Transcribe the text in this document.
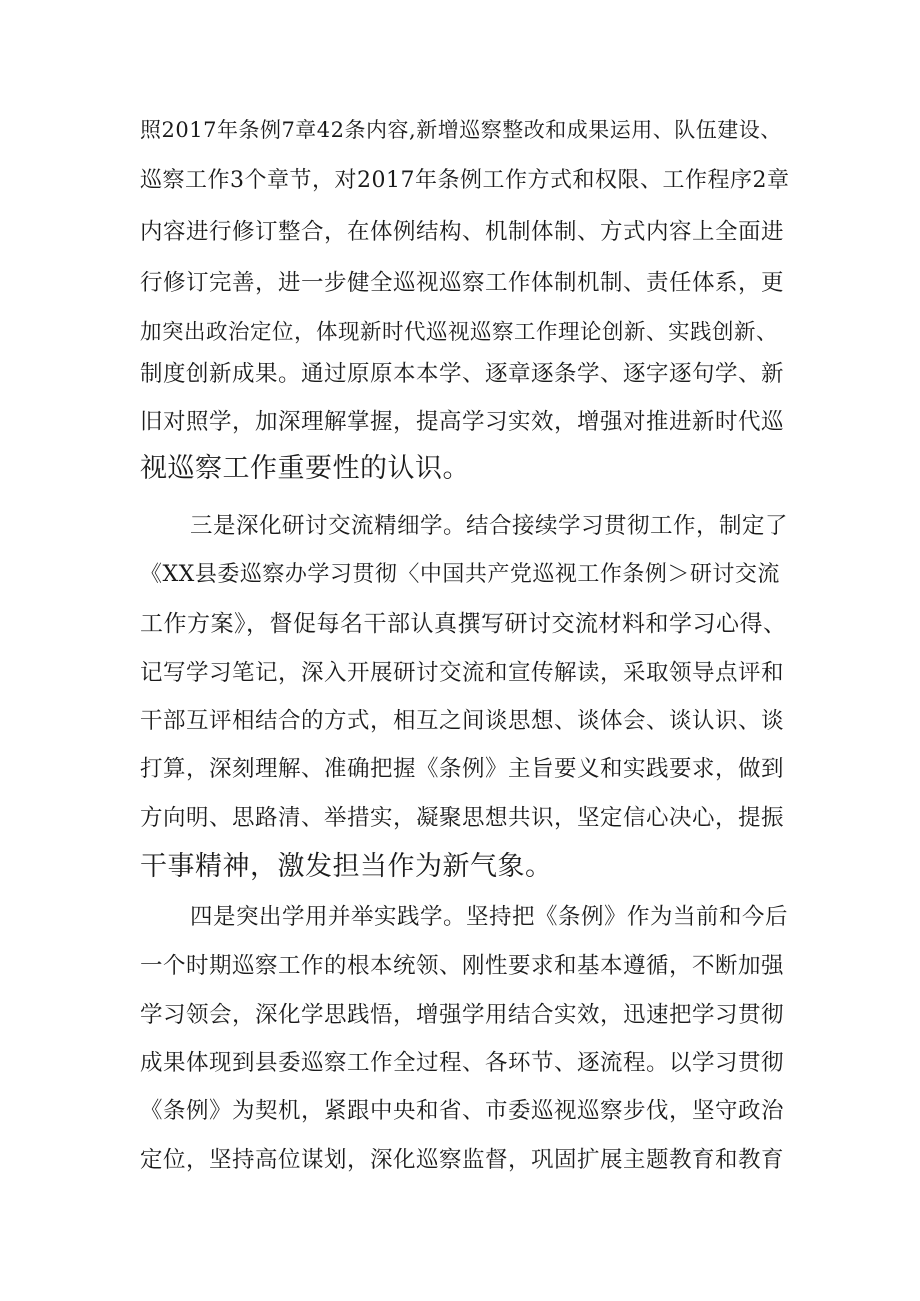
照2017年条例7章42条内容,新增巡察整改和成果运用、队伍建设、
巡察工作3个章节，对2017年条例工作方式和权限、工作程序2章
内容进行修订整合，在体例结构、机制体制、方式内容上全面进
行修订完善，进一步健全巡视巡察工作体制机制、责任体系，更
加突出政治定位，体现新时代巡视巡察工作理论创新、实践创新、
制度创新成果。通过原原本本学、逐章逐条学、逐字逐句学、新
旧对照学，加深理解掌握，提高学习实效，增强对推进新时代巡
视巡察工作重要性的认识。
三是深化研讨交流精细学。结合接续学习贯彻工作，制定了
《XX县委巡察办学习贯彻〈中国共产党巡视工作条例＞研讨交流
工作方案》，督促每名干部认真撰写研讨交流材料和学习心得、
记写学习笔记，深入开展研讨交流和宣传解读，采取领导点评和
干部互评相结合的方式，相互之间谈思想、谈体会、谈认识、谈
打算，深刻理解、准确把握《条例》主旨要义和实践要求，做到
方向明、思路清、举措实，凝聚思想共识，坚定信心决心，提振
干事精神，激发担当作为新气象。
四是突出学用并举实践学。坚持把《条例》作为当前和今后
一个时期巡察工作的根本统领、刚性要求和基本遵循，不断加强
学习领会，深化学思践悟，增强学用结合实效，迅速把学习贯彻
成果体现到县委巡察工作全过程、各环节、逐流程。以学习贯彻
《条例》为契机，紧跟中央和省、市委巡视巡察步伐，坚守政治
定位，坚持高位谋划，深化巡察监督，巩固扩展主题教育和教育
